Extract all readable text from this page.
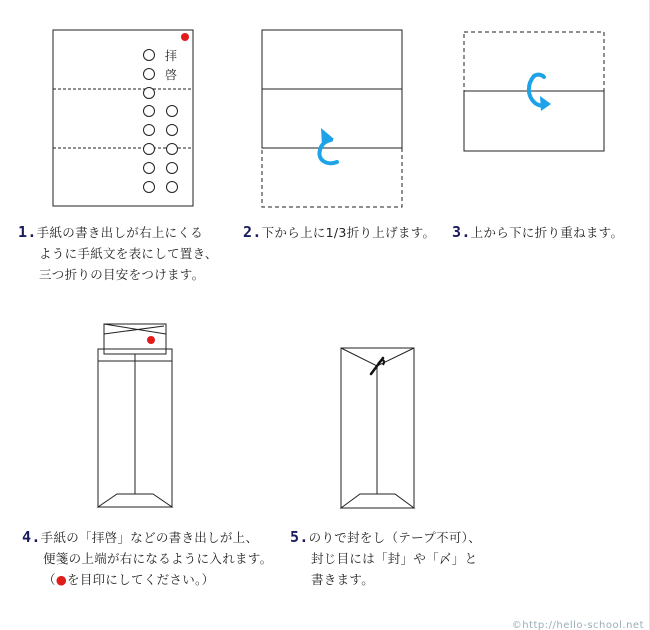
拝
啓
1.手紙の書き出しが右上にくる
ように手紙文を表にして置き、
三つ折りの目安をつけます。
2.下から上に1/3折り上げます。 3.上から下に折り重ねます。
4.手紙の「拝啓」などの書き出しが上、
便箋の上端が右になるように入れます。
（●を目印にしてください。）
5.のりで封をし（テープ不可）、
封じ目には「封」や「〆」と
書きます。
©http://hello-school.net
